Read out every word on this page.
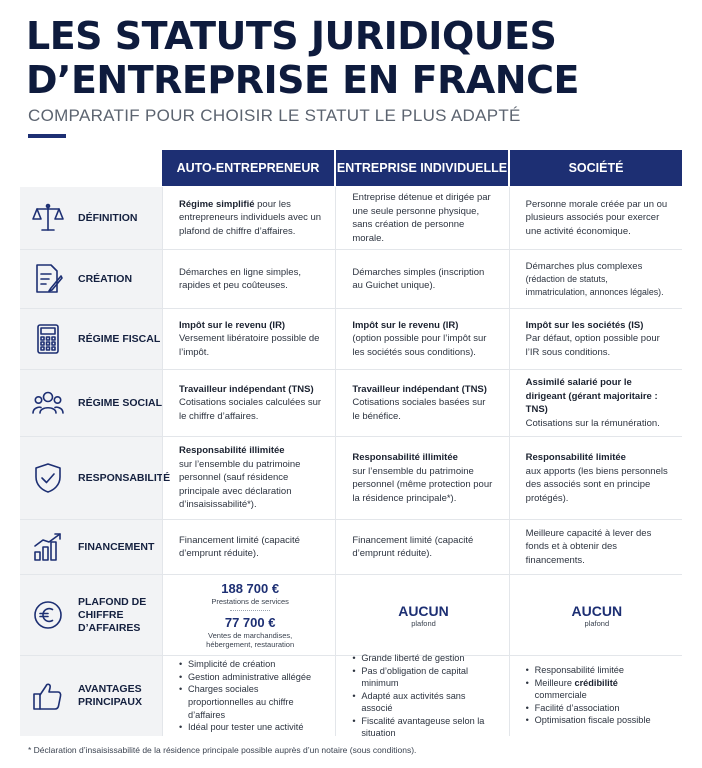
LES STATUTS JURIDIQUES
D’ENTREPRISE EN FRANCE
COMPARATIF POUR CHOISIR LE STATUT LE PLUS ADAPTÉ
AUTO-ENTREPRENEUR	ENTREPRISE INDIVIDUELLE	SOCIÉTÉ
DÉFINITION
Régime simplifié pour les entrepreneurs individuels avec un plafond de chiffre d’affaires.
Entreprise détenue et dirigée par une seule personne physique, sans création de personne morale.
Personne morale créée par un ou plusieurs associés pour exercer une activité économique.
CRÉATION
Démarches en ligne simples, rapides et peu coûteuses.
Démarches simples (inscription au Guichet unique).
Démarches plus complexes
(rédaction de statuts, immatriculation, annonces légales).
RÉGIME FISCAL
Impôt sur le revenu (IR)
Versement libératoire possible de l’impôt.
Impôt sur le revenu (IR)
(option possible pour l’impôt sur les sociétés sous conditions).
Impôt sur les sociétés (IS)
Par défaut, option possible pour l’IR sous conditions.
RÉGIME SOCIAL
Travailleur indépendant (TNS)
Cotisations sociales calculées sur le chiffre d’affaires.
Travailleur indépendant (TNS)
Cotisations sociales basées sur le bénéfice.
Assimilé salarié pour le dirigeant (gérant majoritaire : TNS)
Cotisations sur la rémunération.
RESPONSABILITÉ
Responsabilité illimitée
sur l’ensemble du patrimoine personnel (sauf résidence principale avec déclaration d’insaisissabilité*).
Responsabilité illimitée
sur l’ensemble du patrimoine personnel (même protection pour la résidence principale*).
Responsabilité limitée
aux apports (les biens personnels des associés sont en principe protégés).
FINANCEMENT
Financement limité (capacité d’emprunt réduite).
Financement limité (capacité d’emprunt réduite).
Meilleure capacité à lever des fonds et à obtenir des financements.
PLAFOND DE CHIFFRE D’AFFAIRES
188 700 €
Prestations de services
77 700 €
Ventes de marchandises, hébergement, restauration
AUCUN
plafond
AUCUN
plafond
AVANTAGES PRINCIPAUX
• Simplicité de création
• Gestion administrative allégée
• Charges sociales proportionnelles au chiffre d’affaires
• Idéal pour tester une activité
• Grande liberté de gestion
• Pas d’obligation de capital minimum
• Adapté aux activités sans associé
• Fiscalité avantageuse selon la situation
• Responsabilité limitée
• Meilleure crédibilité commerciale
• Facilité d’association
• Optimisation fiscale possible
* Déclaration d’insaisissabilité de la résidence principale possible auprès d’un notaire (sous conditions).
